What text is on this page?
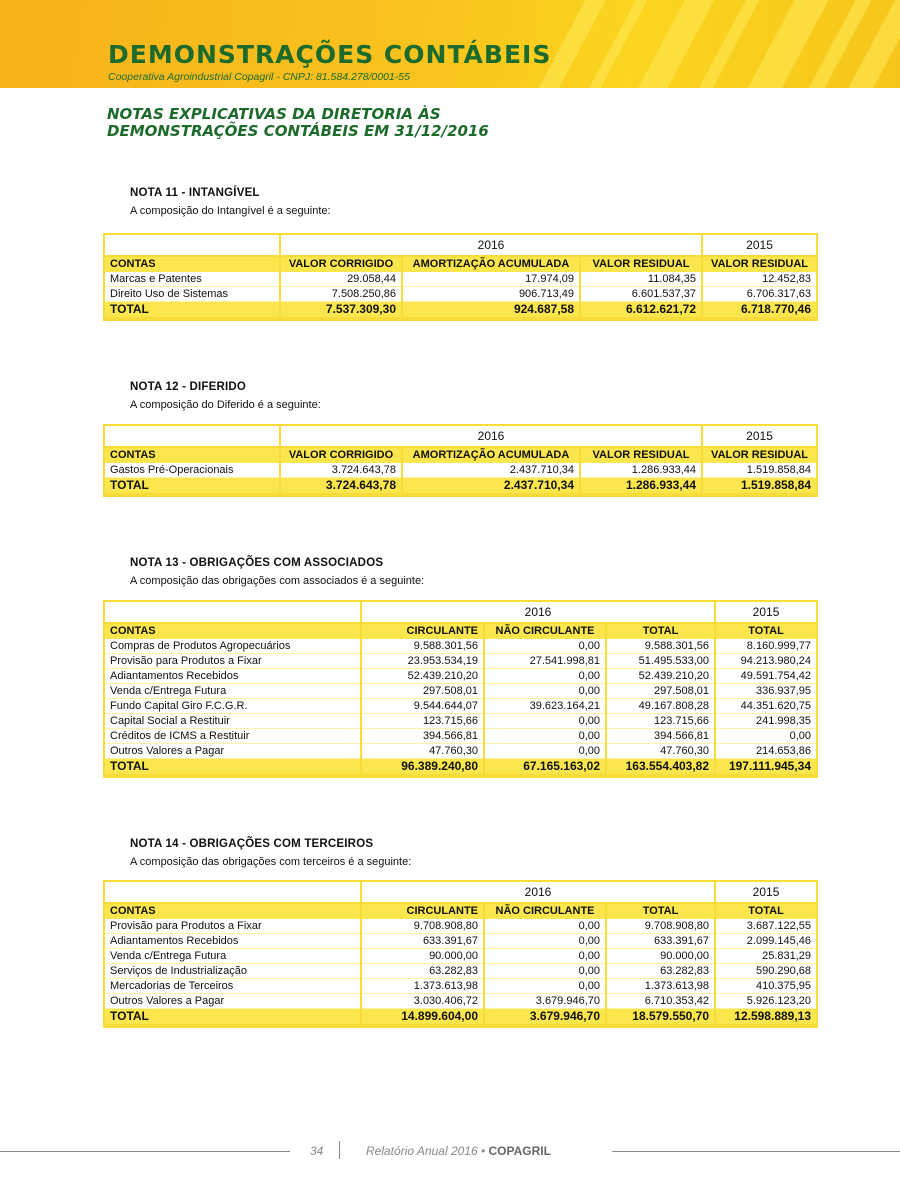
DEMONSTRAÇÕES CONTÁBEIS
Cooperativa Agroindustrial Copagril - CNPJ: 81.584.278/0001-55
NOTAS EXPLICATIVAS DA DIRETORIA ÀS
DEMONSTRAÇÕES CONTÁBEIS EM 31/12/2016
NOTA 11 - INTANGÍVEL
A composição do Intangível é a seguinte:
	2016			2015
CONTAS	VALOR CORRIGIDO	AMORTIZAÇÃO ACUMULADA	VALOR RESIDUAL	VALOR RESIDUAL
Marcas e Patentes	29.058,44	17.974,09	11.084,35	12.452,83
Direito Uso de Sistemas	7.508.250,86	906.713,49	6.601.537,37	6.706.317,63
TOTAL	7.537.309,30	924.687,58	6.612.621,72	6.718.770,46
NOTA 12 - DIFERIDO
A composição do Diferido é a seguinte:
	2016			2015
CONTAS	VALOR CORRIGIDO	AMORTIZAÇÃO ACUMULADA	VALOR RESIDUAL	VALOR RESIDUAL
Gastos Pré-Operacionais	3.724.643,78	2.437.710,34	1.286.933,44	1.519.858,84
TOTAL	3.724.643,78	2.437.710,34	1.286.933,44	1.519.858,84
NOTA 13 - OBRIGAÇÕES COM ASSOCIADOS
A composição das obrigações com associados é a seguinte:
	2016			2015
CONTAS	CIRCULANTE	NÃO CIRCULANTE	TOTAL	TOTAL
Compras de Produtos Agropecuários	9.588.301,56	0,00	9.588.301,56	8.160.999,77
Provisão para Produtos a Fixar	23.953.534,19	27.541.998,81	51.495.533,00	94.213.980,24
Adiantamentos Recebidos	52.439.210,20	0,00	52.439.210,20	49.591.754,42
Venda c/Entrega Futura	297.508,01	0,00	297.508,01	336.937,95
Fundo Capital Giro F.C.G.R.	9.544.644,07	39.623.164,21	49.167.808,28	44.351.620,75
Capital Social a Restituir	123.715,66	0,00	123.715,66	241.998,35
Créditos de ICMS a Restituir	394.566,81	0,00	394.566,81	0,00
Outros Valores a Pagar	47.760,30	0,00	47.760,30	214.653,86
TOTAL	96.389.240,80	67.165.163,02	163.554.403,82	197.111.945,34
NOTA 14 - OBRIGAÇÕES COM TERCEIROS
A composição das obrigações com terceiros é a seguinte:
	2016			2015
CONTAS	CIRCULANTE	NÃO CIRCULANTE	TOTAL	TOTAL
Provisão para Produtos a Fixar	9.708.908,80	0,00	9.708.908,80	3.687.122,55
Adiantamentos Recebidos	633.391,67	0,00	633.391,67	2.099.145,46
Venda c/Entrega Futura	90.000,00	0,00	90.000,00	25.831,29
Serviços de Industrialização	63.282,83	0,00	63.282,83	590.290,68
Mercadorias de Terceiros	1.373.613,98	0,00	1.373.613,98	410.375,95
Outros Valores a Pagar	3.030.406,72	3.679.946,70	6.710.353,42	5.926.123,20
TOTAL	14.899.604,00	3.679.946,70	18.579.550,70	12.598.889,13
34	Relatório Anual 2016 • COPAGRIL
